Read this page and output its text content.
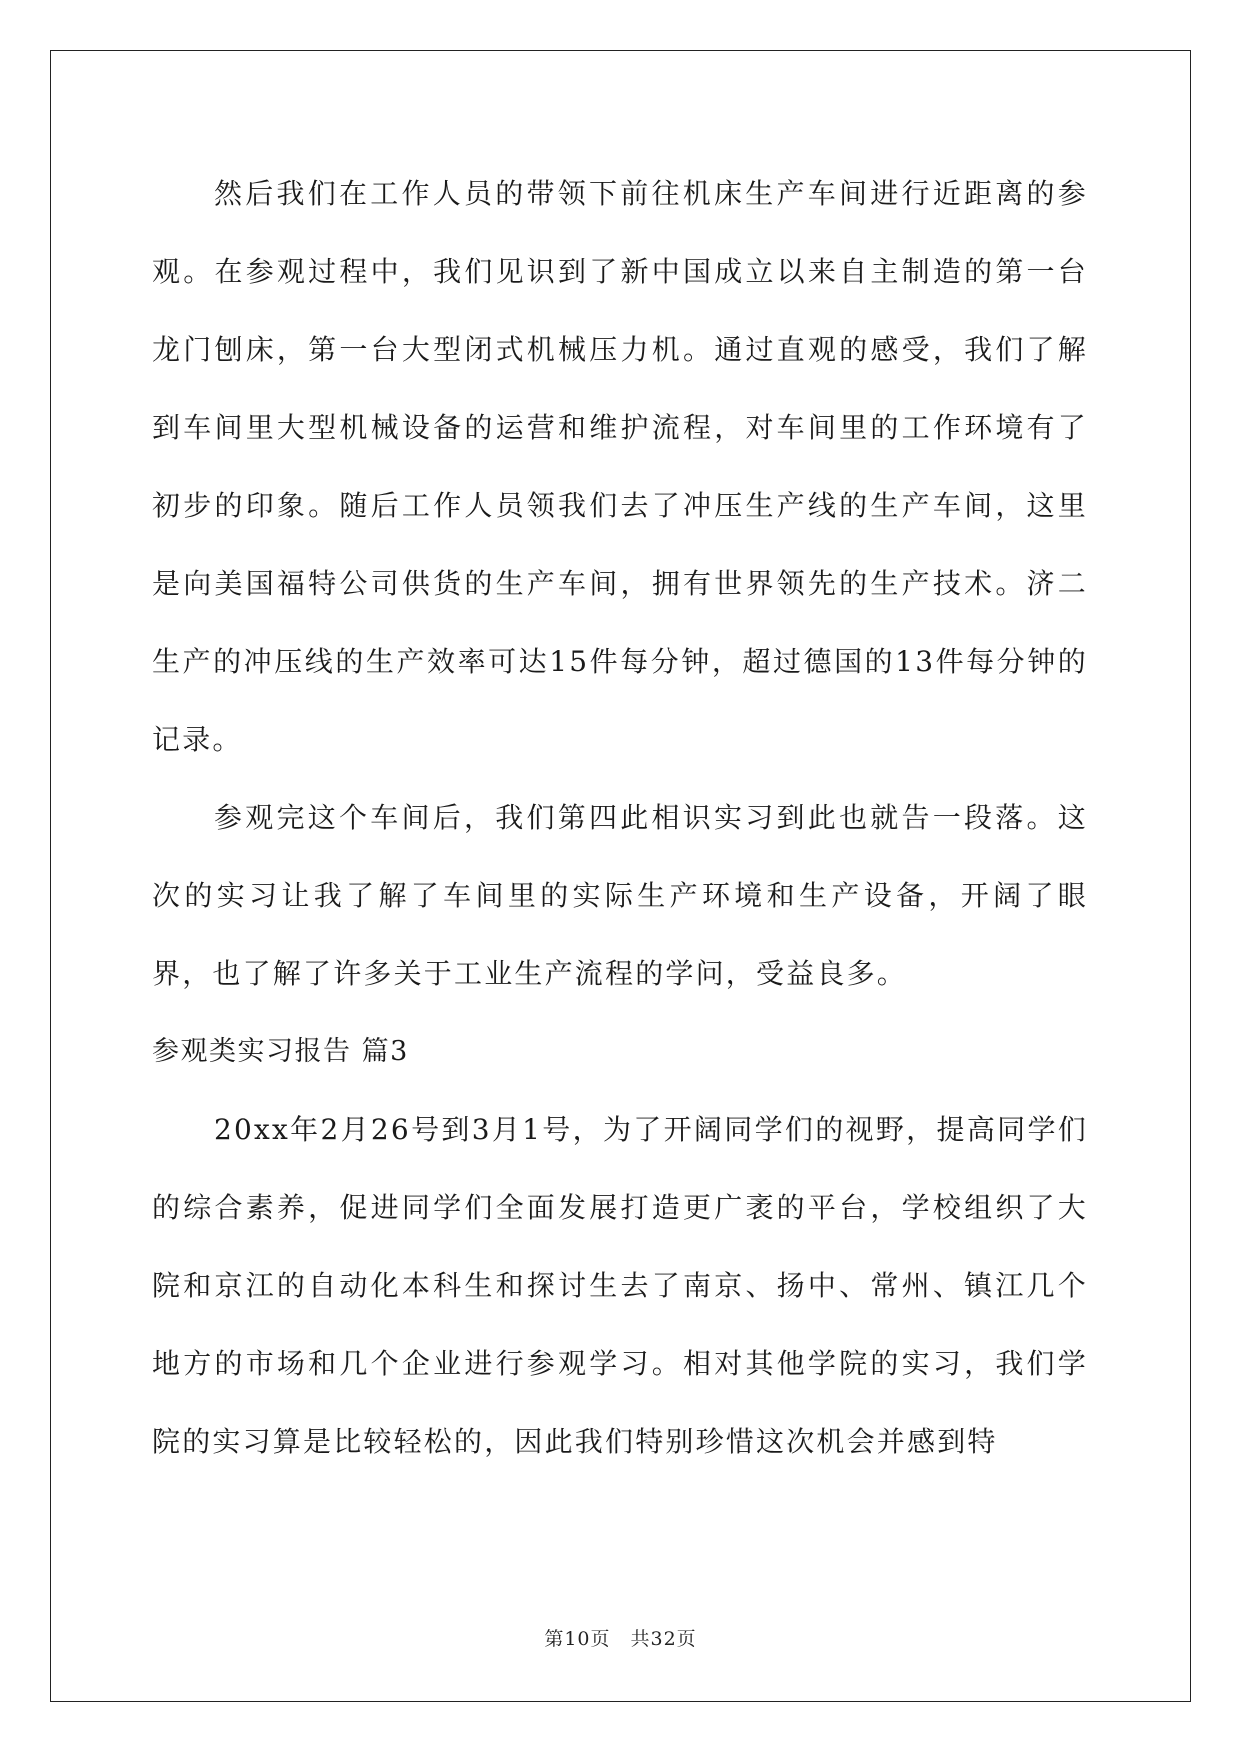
然后我们在工作人员的带领下前往机床生产车间进行近距离的参观。在参观过程中，我们见识到了新中国成立以来自主制造的第一台龙门刨床，第一台大型闭式机械压力机。通过直观的感受，我们了解到车间里大型机械设备的运营和维护流程，对车间里的工作环境有了初步的印象。随后工作人员领我们去了冲压生产线的生产车间，这里是向美国福特公司供货的生产车间，拥有世界领先的生产技术。济二生产的冲压线的生产效率可达15件每分钟，超过德国的13件每分钟的记录。

参观完这个车间后，我们第四此相识实习到此也就告一段落。这次的实习让我了解了车间里的实际生产环境和生产设备，开阔了眼界，也了解了许多关于工业生产流程的学问，受益良多。

参观类实习报告 篇3

20xx年2月26号到3月1号，为了开阔同学们的视野，提高同学们的综合素养，促进同学们全面发展打造更广袤的平台，学校组织了大院和京江的自动化本科生和探讨生去了南京、扬中、常州、镇江几个地方的市场和几个企业进行参观学习。相对其他学院的实习，我们学院的实习算是比较轻松的，因此我们特别珍惜这次机会并感到特

第10页　共32页
